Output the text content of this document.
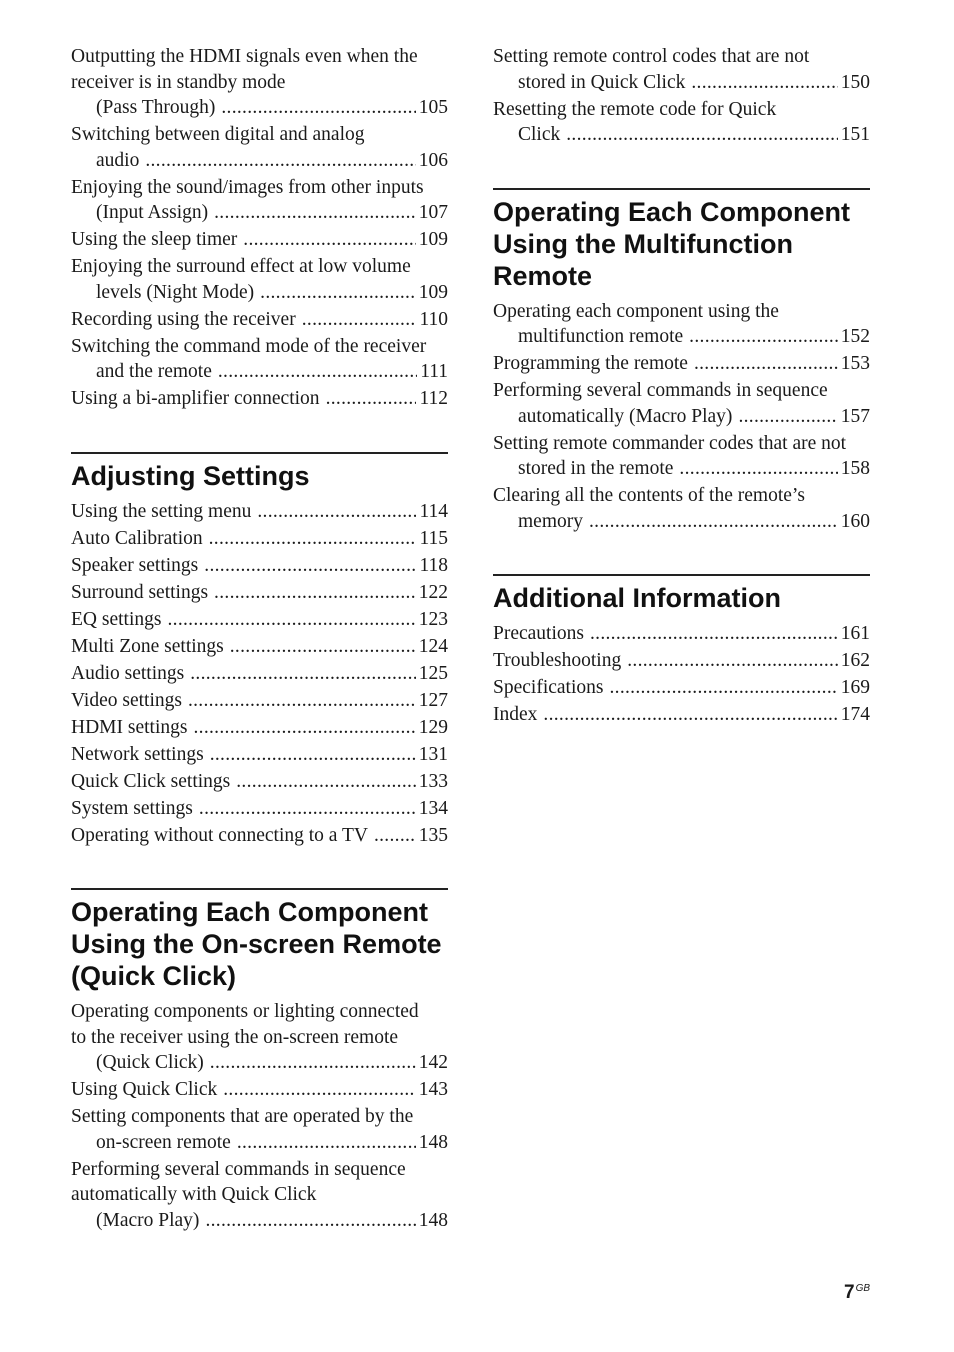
Outputting the HDMI signals even when the
receiver is in standby mode
(Pass Through) .....	105
Switching between digital and analog
audio .....	106
Enjoying the sound/images from other inputs
(Input Assign) .....	107
Using the sleep timer .....	109
Enjoying the surround effect at low volume
levels (Night Mode) .....	109
Recording using the receiver .....	110
Switching the command mode of the receiver
and the remote .....	111
Using a bi-amplifier connection .....	112
Adjusting Settings
Using the setting menu .....	114
Auto Calibration .....	115
Speaker settings .....	118
Surround settings .....	122
EQ settings .....	123
Multi Zone settings .....	124
Audio settings .....	125
Video settings .....	127
HDMI settings .....	129
Network settings .....	131
Quick Click settings .....	133
System settings .....	134
Operating without connecting to a TV .....	135
Operating Each Component Using the On-screen Remote (Quick Click)
Operating components or lighting connected
to the receiver using the on-screen remote
(Quick Click) .....	142
Using Quick Click .....	143
Setting components that are operated by the
on-screen remote .....	148
Performing several commands in sequence
automatically with Quick Click
(Macro Play) .....	148
Setting remote control codes that are not
stored in Quick Click .....	150
Resetting the remote code for Quick
Click .....	151
Operating Each Component Using the Multifunction Remote
Operating each component using the
multifunction remote .....	152
Programming the remote .....	153
Performing several commands in sequence
automatically (Macro Play) .....	157
Setting remote commander codes that are not
stored in the remote .....	158
Clearing all the contents of the remote’s
memory .....	160
Additional Information
Precautions .....	161
Troubleshooting .....	162
Specifications .....	169
Index .....	174
$7^{GB}$
